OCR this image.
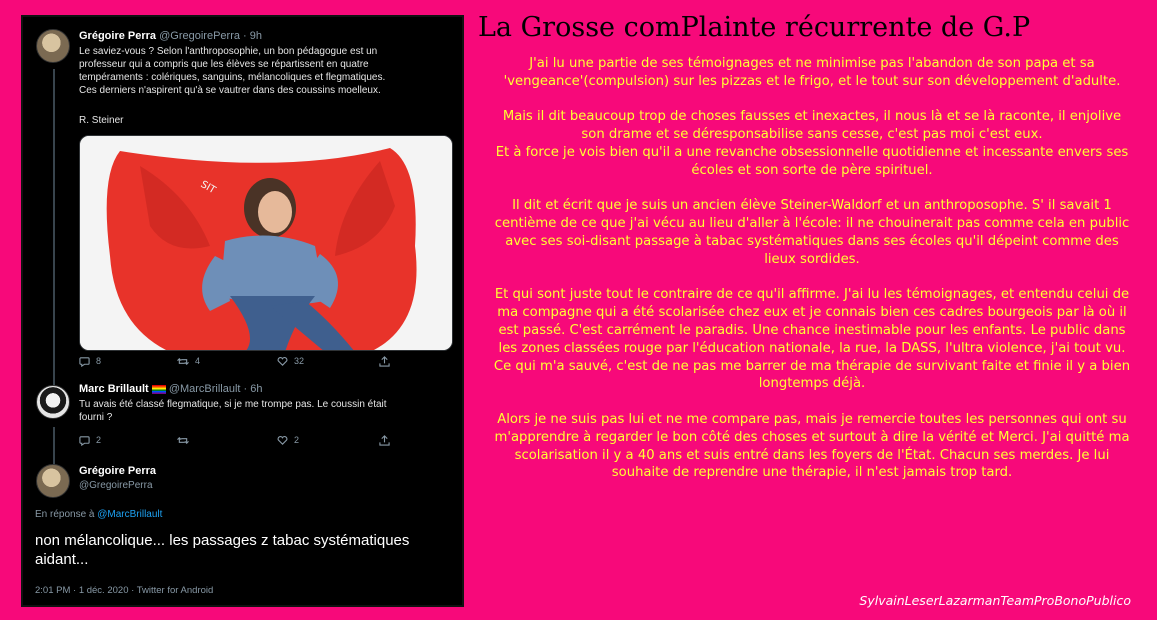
Grégoire Perra @GregoirePerra · 9h
Le saviez-vous ? Selon l'anthroposophie, un bon pédagogue est un
professeur qui a compris que les élèves se répartissent en quatre
tempéraments : colériques, sanguins, mélancoliques et flegmatiques.
Ces derniers n'aspirent qu'à se vautrer dans des coussins moelleux.
R. Steiner
SIT
8	4	32
Marc Brillault @MarcBrillault · 6h
Tu avais été classé flegmatique, si je me trompe pas. Le coussin était
fourni ?
2	2
Grégoire Perra
@GregoirePerra
En réponse à @MarcBrillault
non mélancolique... les passages z tabac systématiques aidant...
2:01 PM · 1 déc. 2020 · Twitter for Android
La Grosse comPlainte récurrente de G.P

J'ai lu une partie de ses témoignages et ne minimise pas l'abandon de son papa et sa 'vengeance'(compulsion) sur les pizzas et le frigo, et le tout sur son développement d'adulte.

Mais il dit beaucoup trop de choses fausses et inexactes, il nous là et se là raconte, il enjolive son drame et se déresponsabilise sans cesse, c'est pas moi c'est eux.
Et à force je vois bien qu'il a une revanche obsessionnelle quotidienne et incessante envers ses écoles et son sorte de père spirituel.

Il dit et écrit que je suis un ancien élève Steiner-Waldorf et un anthroposophe. S' il savait 1 centième de ce que j'ai vécu au lieu d'aller à l'école: il ne chouinerait pas comme cela en public avec ses soi-disant passage à tabac systématiques dans ses écoles qu'il dépeint comme des lieux sordides.

Et qui sont juste tout le contraire de ce qu'il affirme. J'ai lu les témoignages, et entendu celui de ma compagne qui a été scolarisée chez eux et je connais bien ces cadres bourgeois par là où il est passé. C'est carrément le paradis. Une chance inestimable pour les enfants. Le public dans les zones classées rouge par l'éducation nationale, la rue, la DASS, l'ultra violence, j'ai tout vu.
Ce qui m'a sauvé, c'est de ne pas me barrer de ma thérapie de survivant faite et finie il y a bien longtemps déjà.

Alors je ne suis pas lui et ne me compare pas, mais je remercie toutes les personnes qui ont su m'apprendre à regarder le bon côté des choses et surtout à dire la vérité et Merci. J'ai quitté ma scolarisation il y a 40 ans et suis entré dans les foyers de l'État. Chacun ses merdes. Je lui souhaite de reprendre une thérapie, il n'est jamais trop tard.

SylvainLeserLazarmanTeamProBonoPublico
